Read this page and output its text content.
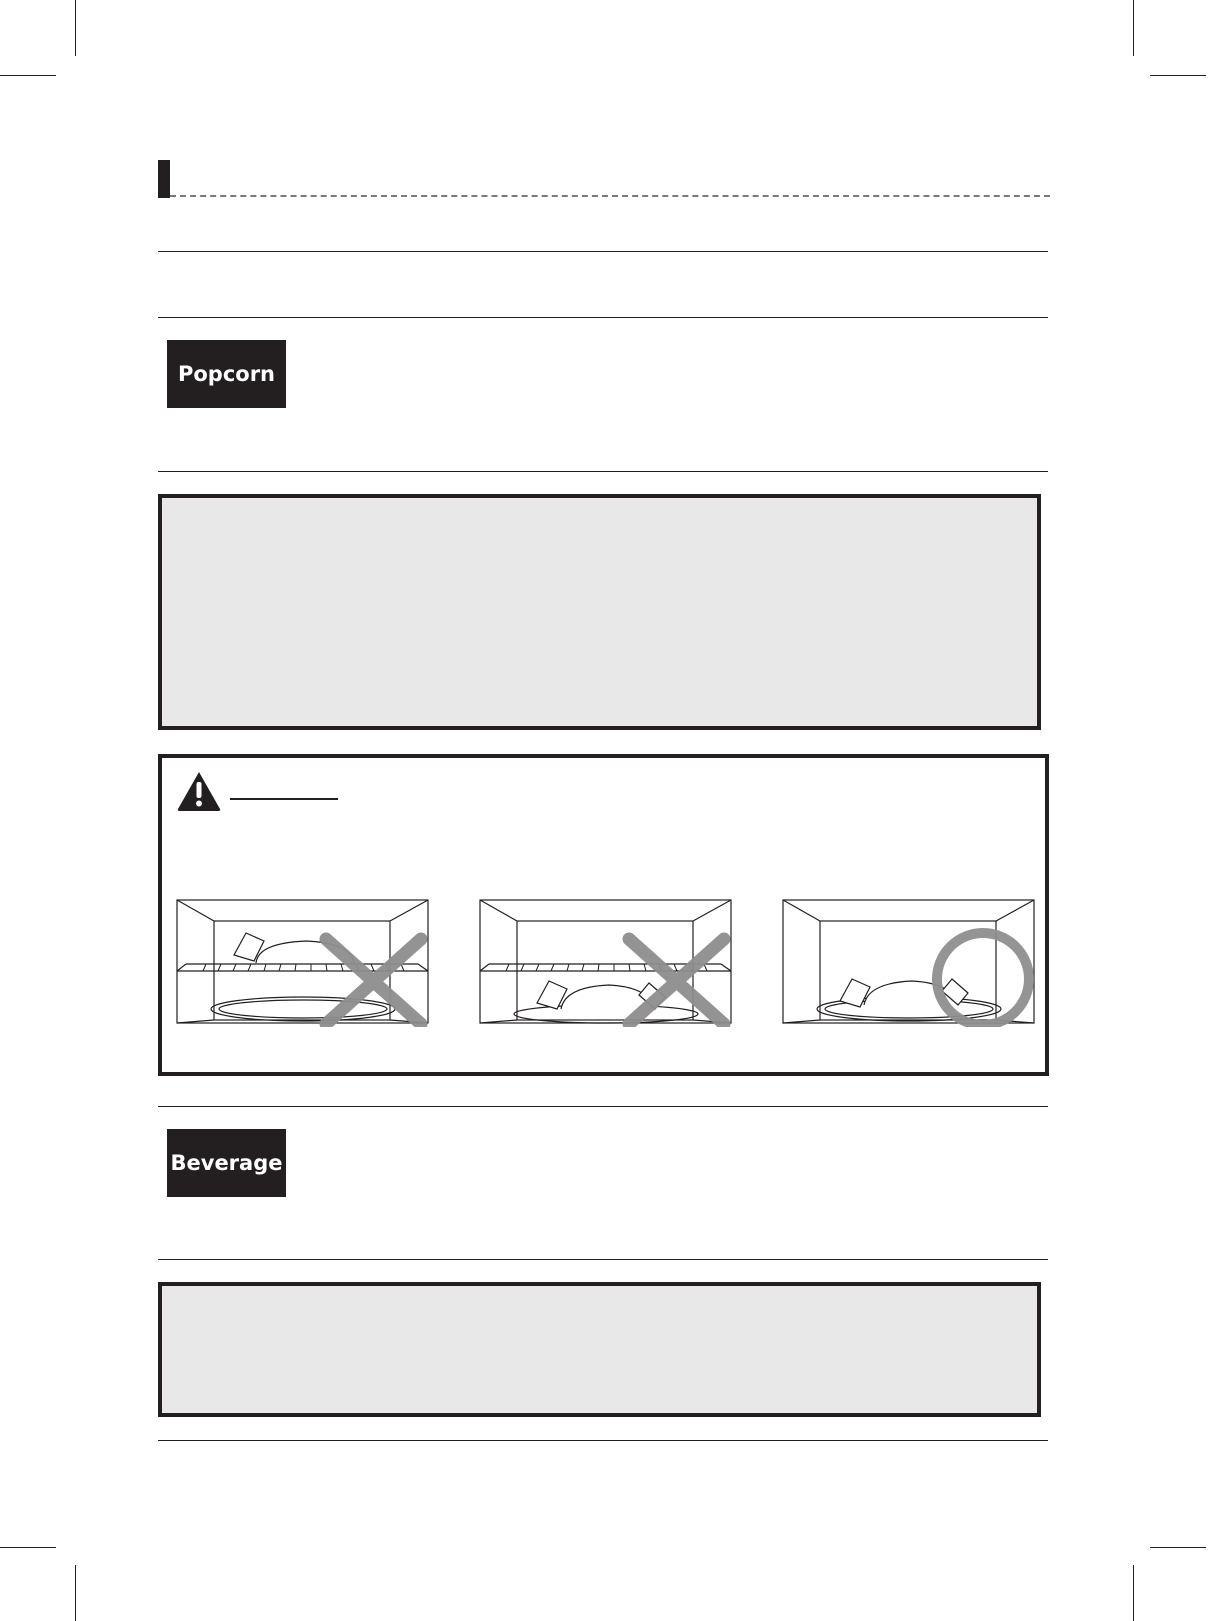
Popcorn
Beverage
